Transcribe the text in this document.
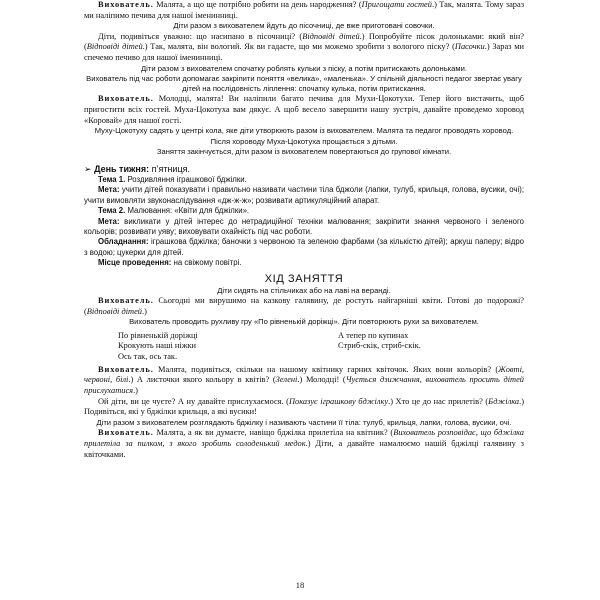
Вихователь. Малята, а що ще потрібно робити на день народження? (Пригощати гостей.) Так, малята. Тому зараз ми наліпимо печива для нашої іменинниці.

Діти разом з вихователем йдуть до пісочниці, де вже приготовані совочки.

Діти, подивіться уважно: що насипано в пісочниці? (Відповіді дітей.) Попробуйте пісок долоньками: який він? (Відповіді дітей.) Так, малята, він вологий. Як ви гадаєте, що ми можемо зробити з вологого піску? (Пасочки.) Зараз ми спечемо печиво для нашої іменинниці.

Діти разом з вихователем спочатку роблять кульки з піску, а потім притискають долоньками.

Вихователь під час роботи допомагає закріпити поняття «велика», «маленька». У спільній діяльності педагог звертає увагу дітей на послідовність ліплення: спочатку кулька, потім притискання.

Вихователь. Молодці, малята! Ви наліпили багато печива для Мухи-Цокотухи. Тепер його вистачить, щоб пригостити всіх гостей. Муха-Цокотуха вам дякує. А щоб весело завершити нашу зустріч, давайте проведемо хоровод «Коровай» для нашої гості.

Муху-Цокотуху садять у центрі кола, яке діти утворюють разом із вихователем. Малята та педагог проводять хоровод. Після хороводу Муха-Цокотуха прощається з дітьми.

Заняття закінчується, діти разом із вихователем повертаються до групової кімнати.

➢ День тижня: п’ятниця.

Тема 1. Роздивляння іграшкової бджілки.

Мета: учити дітей показувати і правильно називати частини тіла бджоли (лапки, тулуб, крильця, голова, вусики, очі); учити вимовляти звуконаслідування «дж-ж-ж»; розвивати артикуляційний апарат.

Тема 2. Малювання: «Квіти для бджілки».

Мета: викликати у дітей інтерес до нетрадиційної техніки малювання; закріпити знання червоного і зеленого кольорів; розвивати уяву; виховувати охайність під час роботи.

Обладнання: іграшкова бджілка; баночки з червоною та зеленою фарбами (за кількістю дітей); аркуш паперу; відро з водою; цукерки для дітей.

Місце проведення: на свіжому повітрі.

ХІД ЗАНЯТТЯ

Діти сидять на стільчиках або на лаві на веранді.

Вихователь. Сьогодні ми вирушимо на казкову галявину, де ростуть найгарніші квіти. Готові до подорожі? (Відповіді дітей.)

Вихователь проводить рухливу гру «По рівненькій доріжці». Діти повторюють рухи за вихователем.

По рівненькій доріжці
Крокують наші ніжки
Ось так, ось так.
А тепер по купинах
Стриб-скік, стриб-скік.

Вихователь. Малята, подивіться, скільки на нашому квітнику гарних квіточок. Яких вони кольорів? (Жовті, червоні, білі.) А листочки якого кольору в квітів? (Зелені.) Молодці! (Чується дзижчання, вихователь просить дітей прислухатися.)

Ой діти, ви це чуєте? А ну давайте прислухаємося. (Показує іграшкову бджілку.) Хто це до нас прилетів? (Бджілка.) Подивіться, які у бджілки крильця, а які вусики!

Діти разом з вихователем розглядають бджілку і називають частини її тіла: тулуб, крильця, лапки, голова, вусики, очі.

Вихователь. Малята, а як ви думаєте, навіщо бджілка прилетіла на квітник? (Вихователь розповідає, що бджілка прилетіла за пилком, з якого зробить солоденький медок.) Діти, а давайте намалюємо нашій бджілці галявину з квіточками.

18
